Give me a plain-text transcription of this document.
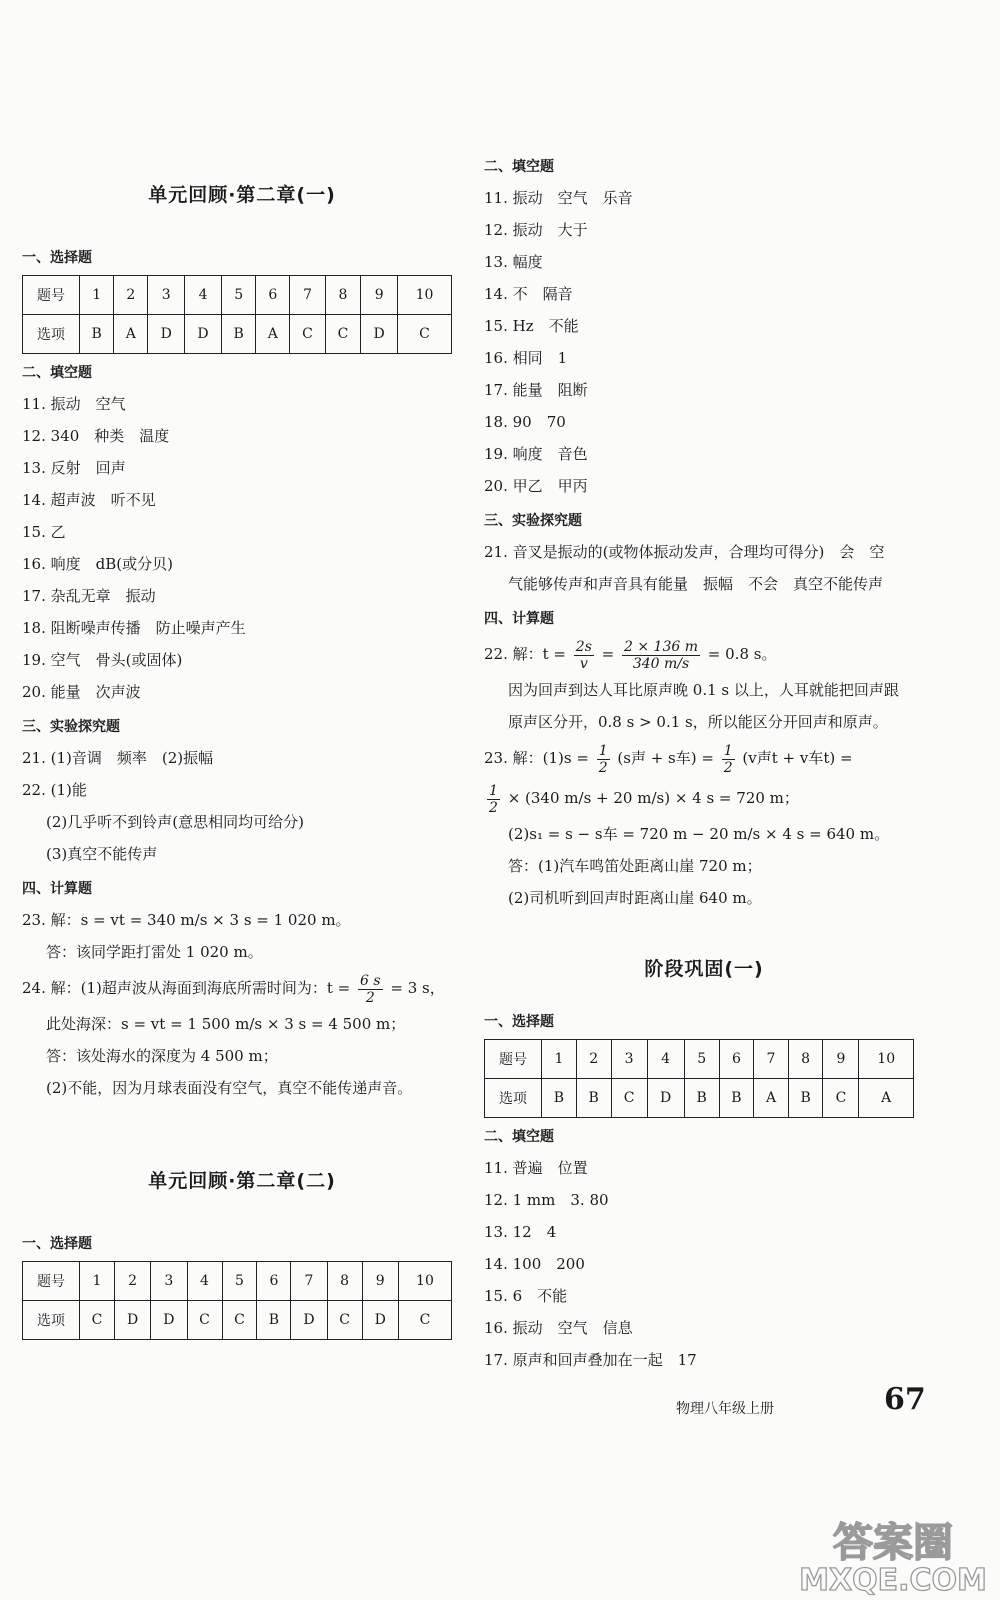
单元回顾·第二章(一)
一、选择题
题号	1	2	3	4	5	6	7	8	9	10
选项	B	A	D	D	B	A	C	C	D	C
二、填空题
11. 振动　空气
12. 340　种类　温度
13. 反射　回声
14. 超声波　听不见
15. 乙
16. 响度　dB(或分贝)
17. 杂乱无章　振动
18. 阻断噪声传播　防止噪声产生
19. 空气　骨头(或固体)
20. 能量　次声波
三、实验探究题
21. (1)音调　频率　(2)振幅
22. (1)能
(2)几乎听不到铃声(意思相同均可给分)
(3)真空不能传声
四、计算题
23. 解：s = vt = 340 m/s × 3 s = 1 020 m。
答：该同学距打雷处 1 020 m。
24. 解：(1)超声波从海面到海底所需时间为：$t = \frac{6 s}{2} = 3$ s，
此处海深：s = vt = 1 500 m/s × 3 s = 4 500 m；
答：该处海水的深度为 4 500 m；
(2)不能，因为月球表面没有空气，真空不能传递声音。
单元回顾·第二章(二)
一、选择题
题号	1	2	3	4	5	6	7	8	9	10
选项	C	D	D	C	C	B	D	C	D	C
二、填空题
11. 振动　空气　乐音
12. 振动　大于
13. 幅度
14. 不　隔音
15. Hz　不能
16. 相同　1
17. 能量　阻断
18. 90　70
19. 响度　音色
20. 甲乙　甲丙
三、实验探究题
21. 音叉是振动的(或物体振动发声，合理均可得分)　会　空
气能够传声和声音具有能量　振幅　不会　真空不能传声
四、计算题
22. 解：$t = \frac{2s}{v} = \frac{2 \times 136 m}{340 m/s} = 0.8$ s。
因为回声到达人耳比原声晚 0.1 s 以上，人耳就能把回声跟
原声区分开，0.8 s > 0.1 s，所以能区分开回声和原声。
23. 解：$(1)s = \frac{1}{2} (s$声 + s车) = $\frac{1}{2} (v$声t + v车t) =
$\frac{1}{2} \times (340$ m/s + 20 m/s) × 4 s = 720 m；
(2)s₁ = s − s车 = 720 m − 20 m/s × 4 s = 640 m。
答：(1)汽车鸣笛处距离山崖 720 m；
(2)司机听到回声时距离山崖 640 m。
阶段巩固(一)
一、选择题
题号	1	2	3	4	5	6	7	8	9	10
选项	B	B	C	D	B	B	A	B	C	A
二、填空题
11. 普遍　位置
12. 1 mm　3. 80
13. 12　4
14. 100　200
15. 6　不能
16. 振动　空气　信息
17. 原声和回声叠加在一起　17
物理八年级上册	67
答案圈
MXQE.COM
